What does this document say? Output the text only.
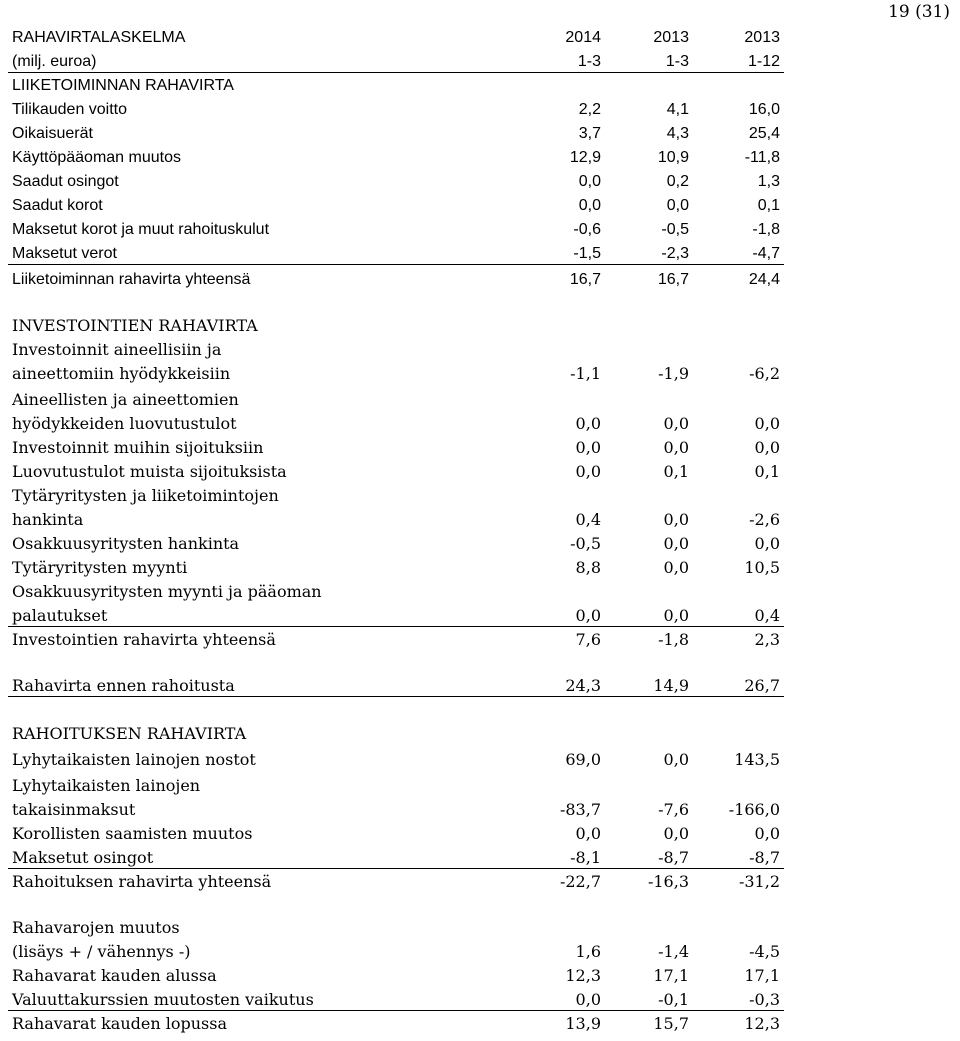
19 (31)
RAHAVIRTALASKELMA	2014	2013	2013
(milj. euroa)	1-3	1-3	1-12
LIIKETOIMINNAN RAHAVIRTA
Tilikauden voitto	2,2	4,1	16,0
Oikaisuerät	3,7	4,3	25,4
Käyttöpääoman muutos	12,9	10,9	-11,8
Saadut osingot	0,0	0,2	1,3
Saadut korot	0,0	0,0	0,1
Maksetut korot ja muut rahoituskulut	-0,6	-0,5	-1,8
Maksetut verot	-1,5	-2,3	-4,7
Liiketoiminnan rahavirta yhteensä	16,7	16,7	24,4
INVESTOINTIEN RAHAVIRTA
Investoinnit aineellisiin ja
aineettomiin hyödykkeisiin	-1,1	-1,9	-6,2
Aineellisten ja aineettomien
hyödykkeiden luovutustulot	0,0	0,0	0,0
Investoinnit muihin sijoituksiin	0,0	0,0	0,0
Luovutustulot muista sijoituksista	0,0	0,1	0,1
Tytäryritysten ja liiketoimintojen
hankinta	0,4	0,0	-2,6
Osakkuusyritysten hankinta	-0,5	0,0	0,0
Tytäryritysten myynti	8,8	0,0	10,5
Osakkuusyritysten myynti ja pääoman
palautukset	0,0	0,0	0,4
Investointien rahavirta yhteensä	7,6	-1,8	2,3
Rahavirta ennen rahoitusta	24,3	14,9	26,7
RAHOITUKSEN RAHAVIRTA
Lyhytaikaisten lainojen nostot	69,0	0,0	143,5
Lyhytaikaisten lainojen
takaisinmaksut	-83,7	-7,6	-166,0
Korollisten saamisten muutos	0,0	0,0	0,0
Maksetut osingot	-8,1	-8,7	-8,7
Rahoituksen rahavirta yhteensä	-22,7	-16,3	-31,2
Rahavarojen muutos
(lisäys + / vähennys -)	1,6	-1,4	-4,5
Rahavarat kauden alussa	12,3	17,1	17,1
Valuuttakurssien muutosten vaikutus	0,0	-0,1	-0,3
Rahavarat kauden lopussa	13,9	15,7	12,3
